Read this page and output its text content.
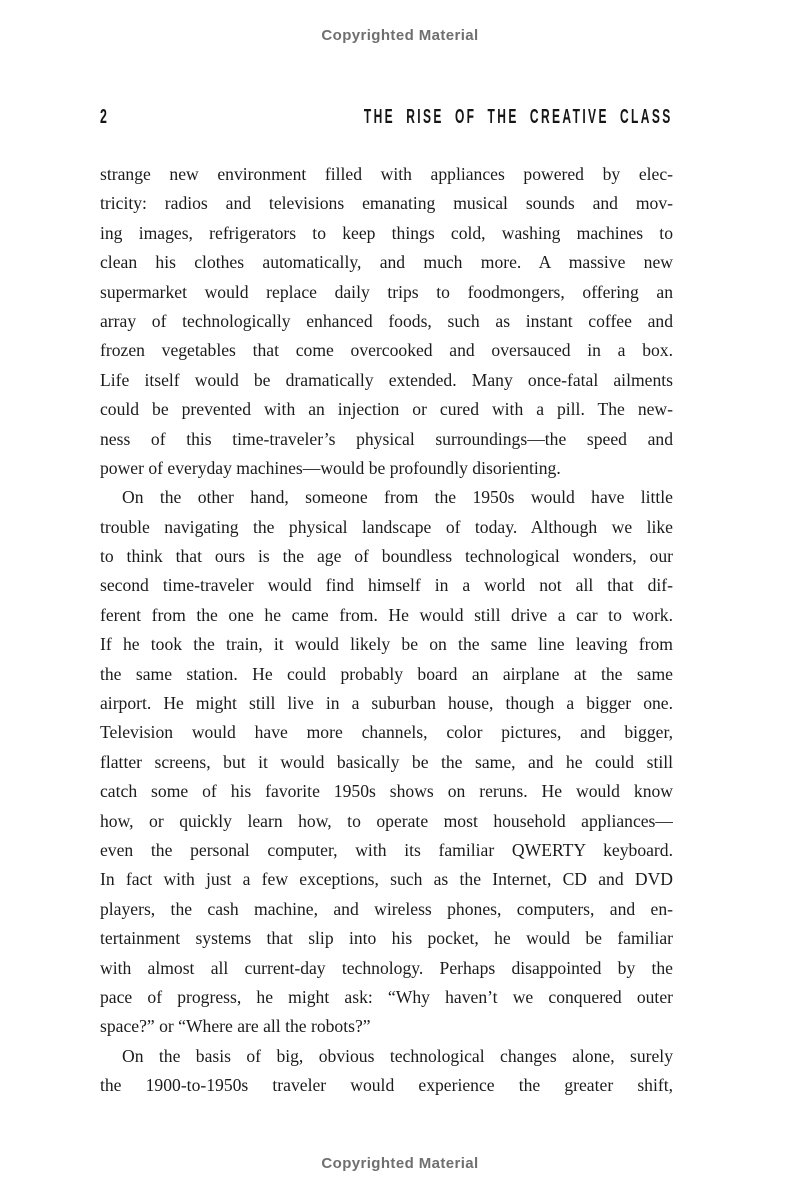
Copyrighted Material
2	THE RISE OF THE CREATIVE CLASS
strange new environment filled with appliances powered by elec-
tricity: radios and televisions emanating musical sounds and mov-
ing images, refrigerators to keep things cold, washing machines to
clean his clothes automatically, and much more. A massive new
supermarket would replace daily trips to foodmongers, offering an
array of technologically enhanced foods, such as instant coffee and
frozen vegetables that come overcooked and oversauced in a box.
Life itself would be dramatically extended. Many once-fatal ailments
could be prevented with an injection or cured with a pill. The new-
ness of this time-traveler’s physical surroundings—the speed and
power of everyday machines—would be profoundly disorienting.
On the other hand, someone from the 1950s would have little
trouble navigating the physical landscape of today. Although we like
to think that ours is the age of boundless technological wonders, our
second time-traveler would find himself in a world not all that dif-
ferent from the one he came from. He would still drive a car to work.
If he took the train, it would likely be on the same line leaving from
the same station. He could probably board an airplane at the same
airport. He might still live in a suburban house, though a bigger one.
Television would have more channels, color pictures, and bigger,
flatter screens, but it would basically be the same, and he could still
catch some of his favorite 1950s shows on reruns. He would know
how, or quickly learn how, to operate most household appliances—
even the personal computer, with its familiar QWERTY keyboard.
In fact with just a few exceptions, such as the Internet, CD and DVD
players, the cash machine, and wireless phones, computers, and en-
tertainment systems that slip into his pocket, he would be familiar
with almost all current-day technology. Perhaps disappointed by the
pace of progress, he might ask: “Why haven’t we conquered outer
space?” or “Where are all the robots?”
On the basis of big, obvious technological changes alone, surely
the 1900-to-1950s traveler would experience the greater shift,
Copyrighted Material
